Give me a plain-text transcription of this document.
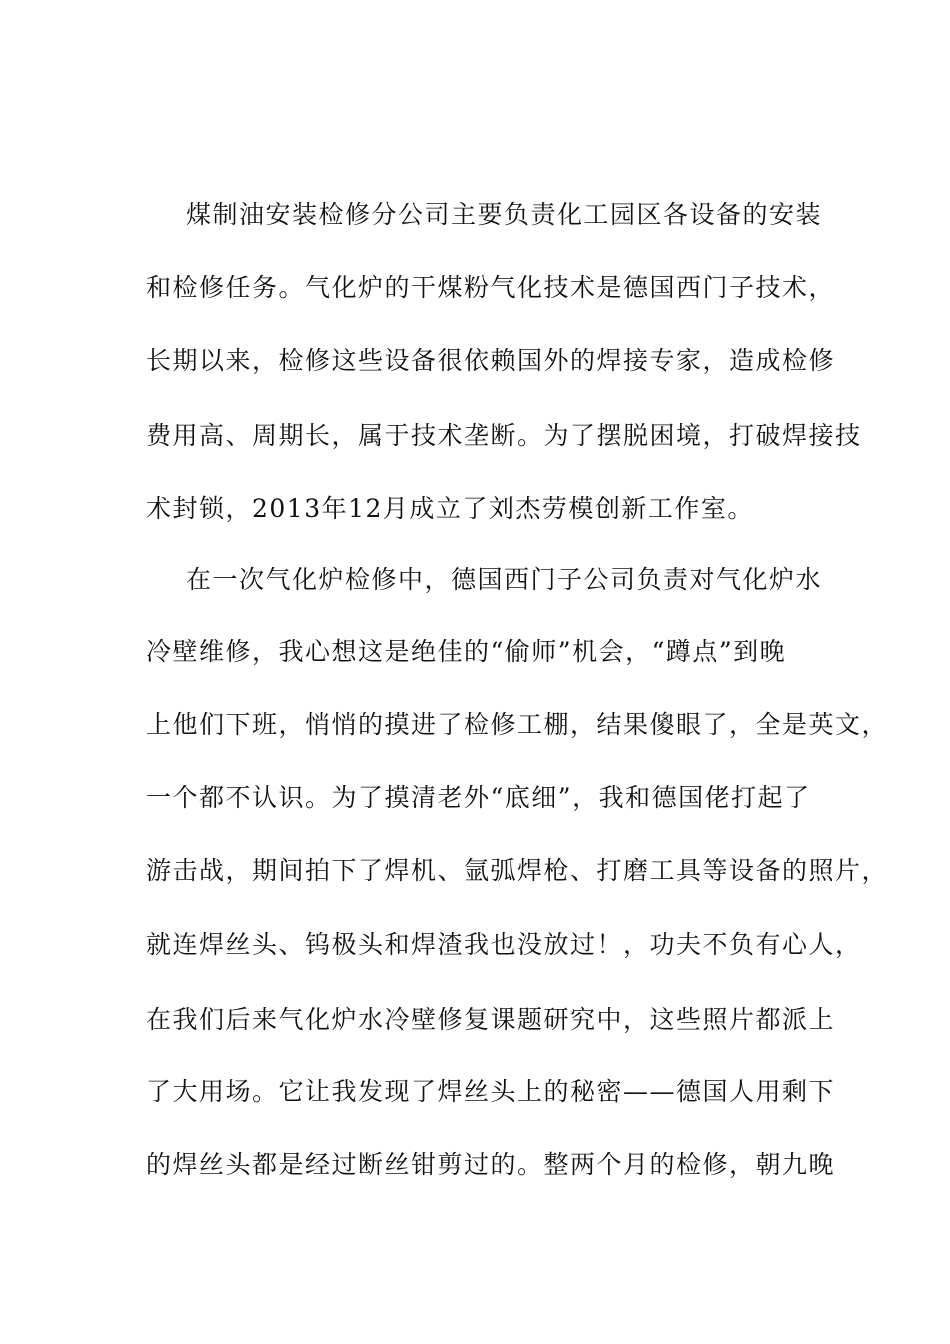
煤制油安装检修分公司主要负责化工园区各设备的安装

和检修任务。气化炉的干煤粉气化技术是德国西门子技术，

长期以来，检修这些设备很依赖国外的焊接专家，造成检修

费用高、周期长，属于技术垄断。为了摆脱困境，打破焊接技

术封锁，2013年12月成立了刘杰劳模创新工作室。

在一次气化炉检修中，德国西门子公司负责对气化炉水

冷壁维修，我心想这是绝佳的“偷师”机会，“蹲点”到晚

上他们下班，悄悄的摸进了检修工棚，结果傻眼了，全是英文，

一个都不认识。为了摸清老外“底细”，我和德国佬打起了

游击战，期间拍下了焊机、氩弧焊枪、打磨工具等设备的照片，

就连焊丝头、钨极头和焊渣我也没放过！，功夫不负有心人，

在我们后来气化炉水冷壁修复课题研究中，这些照片都派上

了大用场。它让我发现了焊丝头上的秘密——德国人用剩下

的焊丝头都是经过断丝钳剪过的。整两个月的检修，朝九晚
